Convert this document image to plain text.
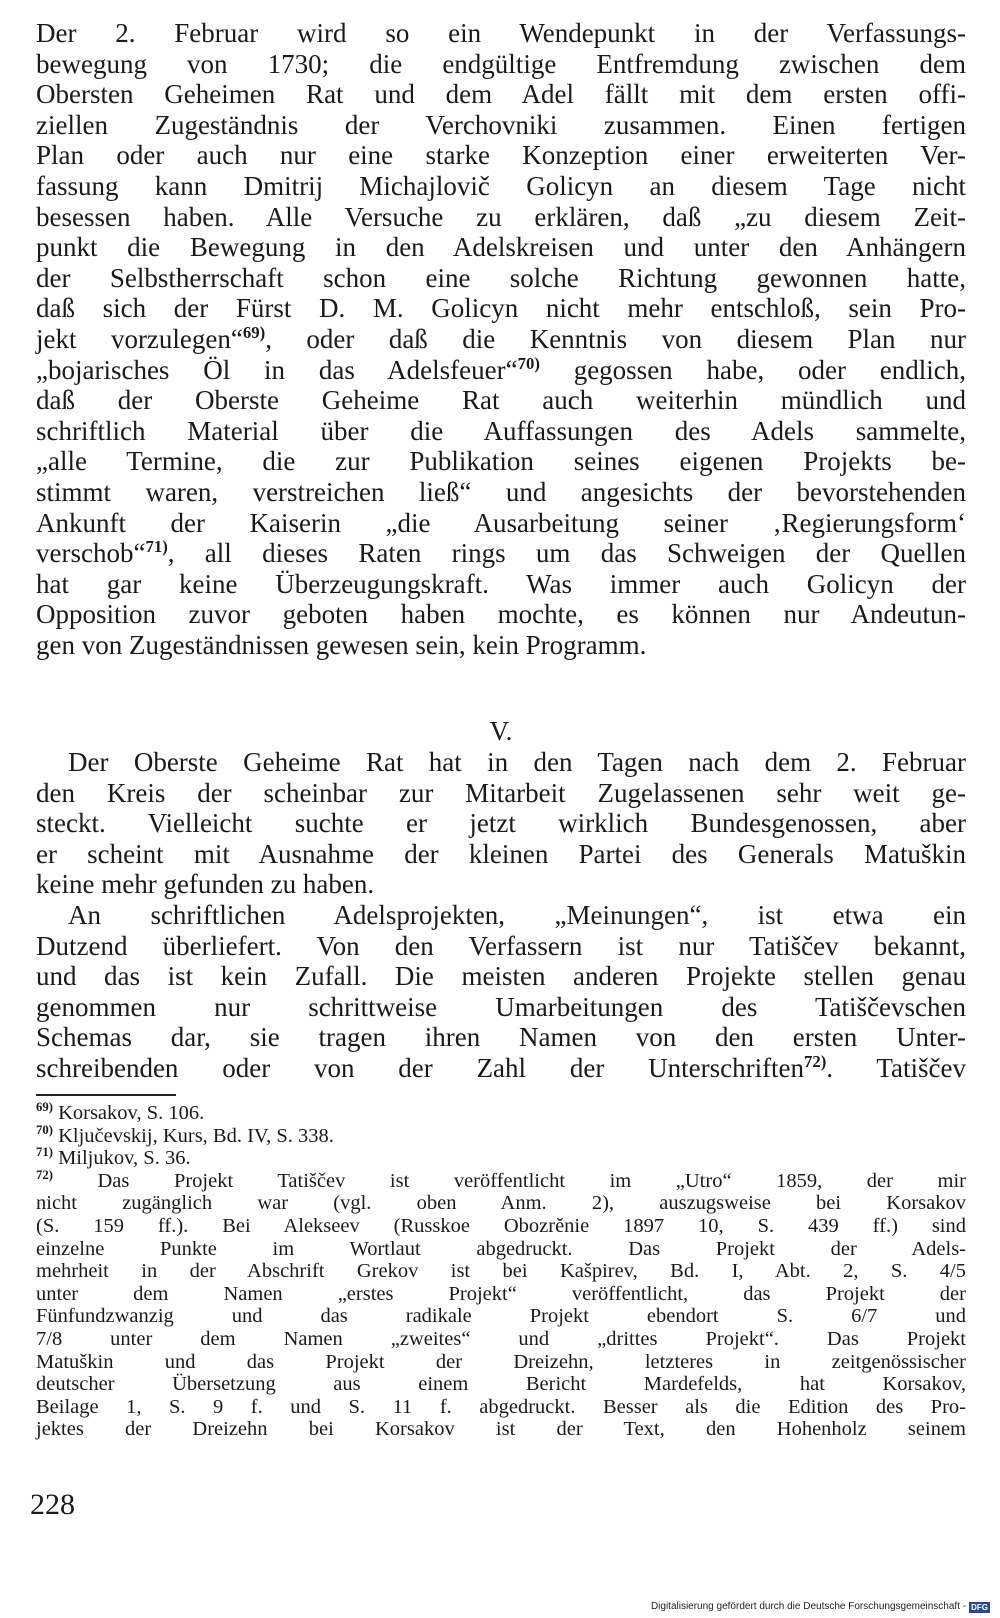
Der 2. Februar wird so ein Wendepunkt in der Verfassungs-
bewegung von 1730; die endgültige Entfremdung zwischen dem
Obersten Geheimen Rat und dem Adel fällt mit dem ersten offi-
ziellen Zugeständnis der Verchovniki zusammen. Einen fertigen
Plan oder auch nur eine starke Konzeption einer erweiterten Ver-
fassung kann Dmitrij Michajlovič Golicyn an diesem Tage nicht
besessen haben. Alle Versuche zu erklären, daß „zu diesem Zeit-
punkt die Bewegung in den Adelskreisen und unter den Anhängern
der Selbstherrschaft schon eine solche Richtung gewonnen hatte,
daß sich der Fürst D. M. Golicyn nicht mehr entschloß, sein Pro-
jekt vorzulegen“$^{69)}$, oder daß die Kenntnis von diesem Plan nur
„bojarisches Öl in das Adelsfeuer“$^{70)}$ gegossen habe, oder endlich,
daß der Oberste Geheime Rat auch weiterhin mündlich und
schriftlich Material über die Auffassungen des Adels sammelte,
„alle Termine, die zur Publikation seines eigenen Projekts be-
stimmt waren, verstreichen ließ“ und angesichts der bevorstehenden
Ankunft der Kaiserin „die Ausarbeitung seiner ‚Regierungsform‘
verschob“$^{71)}$, all dieses Raten rings um das Schweigen der Quellen
hat gar keine Überzeugungskraft. Was immer auch Golicyn der
Opposition zuvor geboten haben mochte, es können nur Andeutun-
gen von Zugeständnissen gewesen sein, kein Programm.
V.
Der Oberste Geheime Rat hat in den Tagen nach dem 2. Februar
den Kreis der scheinbar zur Mitarbeit Zugelassenen sehr weit ge-
steckt. Vielleicht suchte er jetzt wirklich Bundesgenossen, aber
er scheint mit Ausnahme der kleinen Partei des Generals Matuškin
keine mehr gefunden zu haben.
An schriftlichen Adelsprojekten, „Meinungen“, ist etwa ein
Dutzend überliefert. Von den Verfassern ist nur Tatiščev bekannt,
und das ist kein Zufall. Die meisten anderen Projekte stellen genau
genommen nur schrittweise Umarbeitungen des Tatiščevschen
Schemas dar, sie tragen ihren Namen von den ersten Unter-
schreibenden oder von der Zahl der Unterschriften$^{72)}$. Tatiščev
$^{69)}$ Korsakov, S. 106.
$^{70)}$ Ključevskij, Kurs, Bd. IV, S. 338.
$^{71)}$ Miljukov, S. 36.
$^{72)}$ Das Projekt Tatiščev ist veröffentlicht im „Utro“ 1859, der mir
nicht zugänglich war (vgl. oben Anm. 2), auszugsweise bei Korsakov
(S. 159 ff.). Bei Alekseev (Russkoe Obozrěnie 1897 10, S. 439 ff.) sind
einzelne Punkte im Wortlaut abgedruckt. Das Projekt der Adels-
mehrheit in der Abschrift Grekov ist bei Kašpirev, Bd. I, Abt. 2, S. 4/5
unter dem Namen „erstes Projekt“ veröffentlicht, das Projekt der
Fünfundzwanzig und das radikale Projekt ebendort S. 6/7 und
7/8 unter dem Namen „zweites“ und „drittes Projekt“. Das Projekt
Matuškin und das Projekt der Dreizehn, letzteres in zeitgenössischer
deutscher Übersetzung aus einem Bericht Mardefelds, hat Korsakov,
Beilage 1, S. 9 f. und S. 11 f. abgedruckt. Besser als die Edition des Pro-
jektes der Dreizehn bei Korsakov ist der Text, den Hohenholz seinem
228
Digitalisierung gefördert durch die Deutsche Forschungsgemeinschaft - DFG
